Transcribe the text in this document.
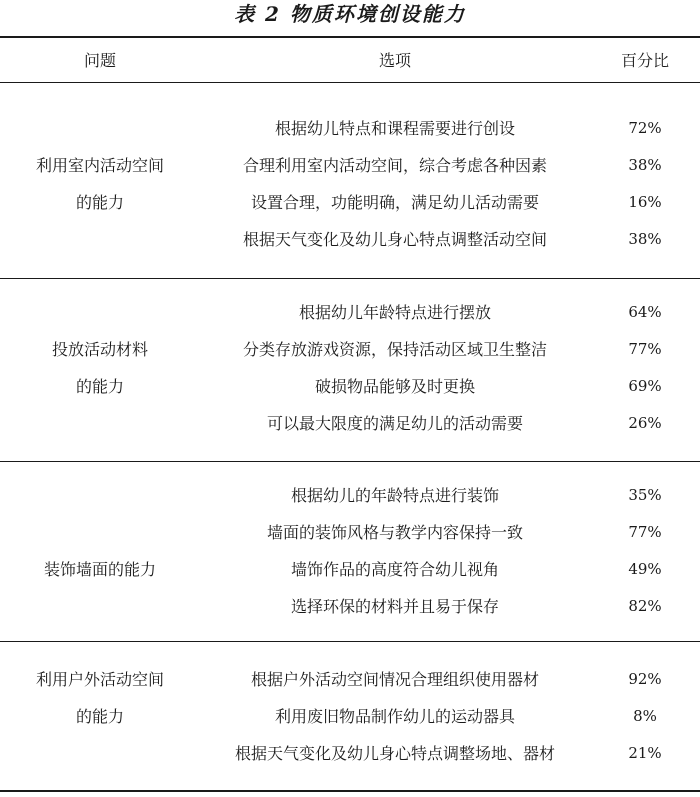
表 2 物质环境创设能力
问题	选项	百分比
利用室内活动空间
的能力
根据幼儿特点和课程需要进行创设	72%
合理利用室内活动空间，综合考虑各种因素	38%
设置合理，功能明确，满足幼儿活动需要	16%
根据天气变化及幼儿身心特点调整活动空间	38%
投放活动材料
的能力
根据幼儿年龄特点进行摆放	64%
分类存放游戏资源，保持活动区域卫生整洁	77%
破损物品能够及时更换	69%
可以最大限度的满足幼儿的活动需要	26%
装饰墙面的能力
根据幼儿的年龄特点进行装饰	35%
墙面的装饰风格与教学内容保持一致	77%
墙饰作品的高度符合幼儿视角	49%
选择环保的材料并且易于保存	82%
利用户外活动空间
的能力
根据户外活动空间情况合理组织使用器材	92%
利用废旧物品制作幼儿的运动器具	8%
根据天气变化及幼儿身心特点调整场地、器材	21%
